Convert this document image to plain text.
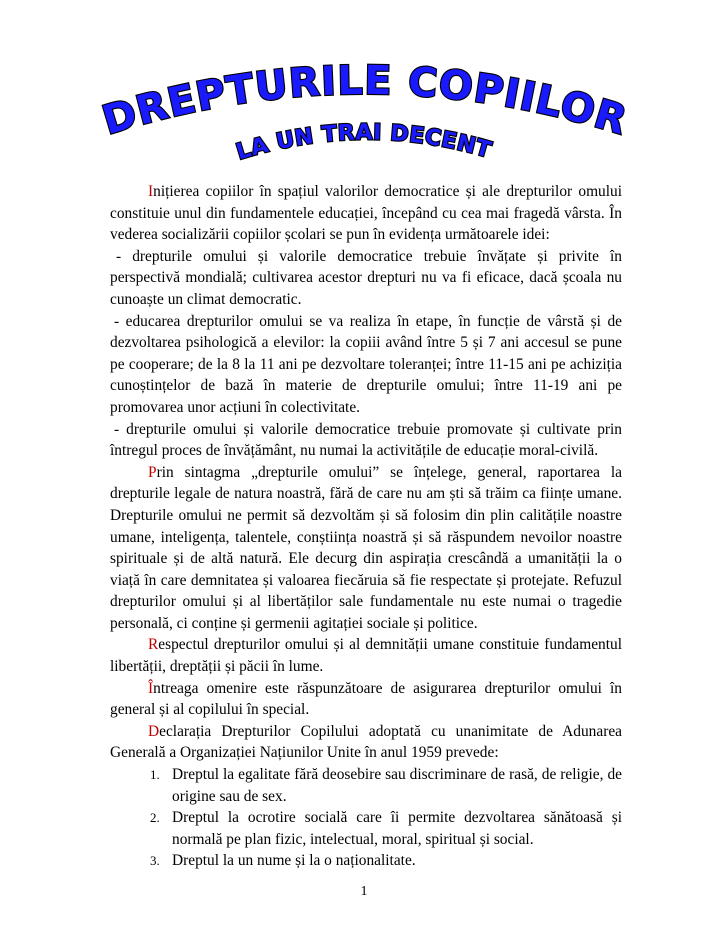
DREPTURILE COPIILOR
LA UN TRAI DECENT

Inițierea copiilor în spațiul valorilor democratice și ale drepturilor omului constituie unul din fundamentele educației, începând cu cea mai fragedă vârsta. În vederea socializării copiilor școlari se pun în evidența următoarele idei:

- drepturile omului și valorile democratice trebuie învățate și privite în perspectivă mondială; cultivarea acestor drepturi nu va fi eficace, dacă școala nu cunoaște un climat democratic.

- educarea drepturilor omului se va realiza în etape, în funcție de vârstă și de dezvoltarea psihologică a elevilor: la copiii având între 5 și 7 ani accesul se pune pe cooperare; de la 8 la 11 ani pe dezvoltare toleranței; între 11-15 ani pe achiziția cunoștințelor de bază în materie de drepturile omului; între 11-19 ani pe promovarea unor acțiuni în colectivitate.

- drepturile omului și valorile democratice trebuie promovate și cultivate prin întregul proces de învățământ, nu numai la activitățile de educație moral-civilă.

Prin sintagma „drepturile omului” se înțelege, general, raportarea la drepturile legale de natura noastră, fără de care nu am ști să trăim ca ființe umane. Drepturile omului ne permit să dezvoltăm și să folosim din plin calitățile noastre umane, inteligența, talentele, conștiința noastră și să răspundem nevoilor noastre spirituale și de altă natură. Ele decurg din aspirația crescândă a umanității la o viață în care demnitatea și valoarea fiecăruia să fie respectate și protejate. Refuzul drepturilor omului și al libertăților sale fundamentale nu este numai o tragedie personală, ci conține și germenii agitației sociale și politice.

Respectul drepturilor omului și al demnității umane constituie fundamentul libertății, dreptății și păcii în lume.

Întreaga omenire este răspunzătoare de asigurarea drepturilor omului în general și al copilului în special.

Declarația Drepturilor Copilului adoptată cu unanimitate de Adunarea Generală a Organizației Națiunilor Unite în anul 1959 prevede:

1. Dreptul la egalitate fără deosebire sau discriminare de rasă, de religie, de origine sau de sex.
2. Dreptul la ocrotire socială care îi permite dezvoltarea sănătoasă și normală pe plan fizic, intelectual, moral, spiritual și social.
3. Dreptul la un nume și la o naționalitate.
1
